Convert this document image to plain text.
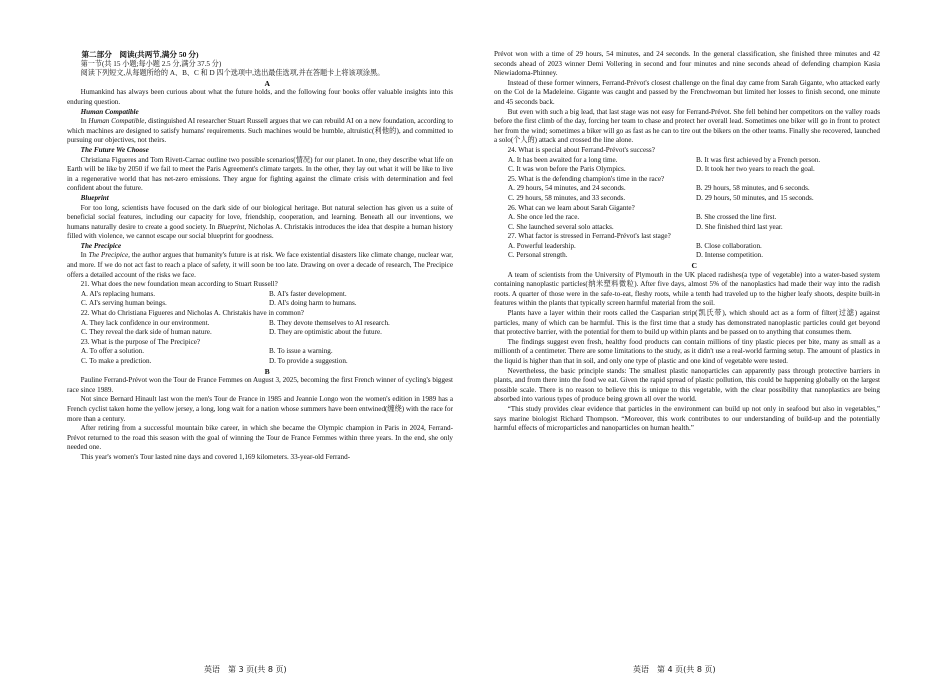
第二部分　阅读(共两节,满分 50 分)

第一节(共 15 小题;每小题 2.5 分,满分 37.5 分)

阅读下列短文,从每题所给的 A、B、C 和 D 四个选项中,选出最佳选项,并在答题卡上将该项涂黑。

A

Humankind has always been curious about what the future holds, and the following four books offer valuable insights into this enduring question.

Human Compatible

In Human Compatible, distinguished AI researcher Stuart Russell argues that we can rebuild AI on a new foundation, according to which machines are designed to satisfy humans' requirements. Such machines would be humble, altruistic(利他的), and committed to pursuing our objectives, not theirs.

The Future We Choose

Christiana Figueres and Tom Rivett-Carnac outline two possible scenarios(情况) for our planet. In one, they describe what life on Earth will be like by 2050 if we fail to meet the Paris Agreement's climate targets. In the other, they lay out what it will be like to live in a regenerative world that has net-zero emissions. They argue for fighting against the climate crisis with determination and feel confident about the future.

Blueprint

For too long, scientists have focused on the dark side of our biological heritage. But natural selection has given us a suite of beneficial social features, including our capacity for love, friendship, cooperation, and learning. Beneath all our inventions, we humans naturally desire to create a good society. In Blueprint, Nicholas A. Christakis introduces the idea that despite a human history filled with violence, we cannot escape our social blueprint for goodness.

The Precipice

In The Precipice, the author argues that humanity's future is at risk. We face existential disasters like climate change, nuclear war, and more. If we do not act fast to reach a place of safety, it will soon be too late. Drawing on over a decade of research, The Precipice offers a detailed account of the risks we face.

21. What does the new foundation mean according to Stuart Russell?

A. AI's replacing humans.	B. AI's faster development.
C. AI's serving human beings.	D. AI's doing harm to humans.

22. What do Christiana Figueres and Nicholas A. Christakis have in common?

A. They lack confidence in our environment.	B. They devote themselves to AI research.
C. They reveal the dark side of human nature.	D. They are optimistic about the future.

23. What is the purpose of The Precipice?

A. To offer a solution.	B. To issue a warning.
C. To make a prediction.	D. To provide a suggestion.

B

Pauline Ferrand-Prévot won the Tour de France Femmes on August 3, 2025, becoming the first French winner of cycling's biggest race since 1989.

Not since Bernard Hinault last won the men's Tour de France in 1985 and Jeannie Longo won the women's edition in 1989 has a French cyclist taken home the yellow jersey, a long, long wait for a nation whose summers have been entwined(缠绕) with the race for more than a century.

After retiring from a successful mountain bike career, in which she became the Olympic champion in Paris in 2024, Ferrand-Prévot returned to the road this season with the goal of winning the Tour de France Femmes within three years. In the end, she only needed one.

This year's women's Tour lasted nine days and covered 1,169 kilometers. 33-year-old Ferrand-

英语　第 3 页(共 8 页)

Prévot won with a time of 29 hours, 54 minutes, and 24 seconds. In the general classification, she finished three minutes and 42 seconds ahead of 2023 winner Demi Vollering in second and four minutes and nine seconds ahead of defending champion Kasia Niewiadoma-Phinney.

Instead of these former winners, Ferrand-Prévot's closest challenge on the final day came from Sarah Gigante, who attacked early on the Col de la Madeleine. Gigante was caught and passed by the Frenchwoman but limited her losses to finish second, one minute and 45 seconds back.

But even with such a big lead, that last stage was not easy for Ferrand-Prévot. She fell behind her competitors on the valley roads before the first climb of the day, forcing her team to chase and protect her overall lead. Sometimes one biker will go in front to protect her from the wind; sometimes a biker will go as fast as he can to tire out the bikers on the other teams. Finally she recovered, launched a solo(个人的) attack and crossed the line alone.

24. What is special about Ferrand-Prévot's success?

A. It has been awaited for a long time.	B. It was first achieved by a French person.
C. It was won before the Paris Olympics.	D. It took her two years to reach the goal.

25. What is the defending champion's time in the race?

A. 29 hours, 54 minutes, and 24 seconds.	B. 29 hours, 58 minutes, and 6 seconds.
C. 29 hours, 58 minutes, and 33 seconds.	D. 29 hours, 50 minutes, and 15 seconds.

26. What can we learn about Sarah Gigante?

A. She once led the race.	B. She crossed the line first.
C. She launched several solo attacks.	D. She finished third last year.

27. What factor is stressed in Ferrand-Prévot's last stage?

A. Powerful leadership.	B. Close collaboration.
C. Personal strength.	D. Intense competition.

C

A team of scientists from the University of Plymouth in the UK placed radishes(a type of vegetable) into a water-based system containing nanoplastic particles(纳米塑料微粒). After five days, almost 5% of the nanoplastics had made their way into the radish roots. A quarter of those were in the safe-to-eat, fleshy roots, while a tenth had traveled up to the higher leafy shoots, despite built-in features within the plants that typically screen harmful material from the soil.

Plants have a layer within their roots called the Casparian strip(凯氏带), which should act as a form of filter(过滤) against particles, many of which can be harmful. This is the first time that a study has demonstrated nanoplastic particles could get beyond that protective barrier, with the potential for them to build up within plants and be passed on to anything that consumes them.

The findings suggest even fresh, healthy food products can contain millions of tiny plastic pieces per bite, many as small as a millionth of a centimeter. There are some limitations to the study, as it didn't use a real-world farming setup. The amount of plastics in the liquid is higher than that in soil, and only one type of plastic and one kind of vegetable were tested.

Nevertheless, the basic principle stands: The smallest plastic nanoparticles can apparently pass through protective barriers in plants, and from there into the food we eat. Given the rapid spread of plastic pollution, this could be happening globally on the largest possible scale. There is no reason to believe this is unique to this vegetable, with the clear possibility that nanoplastics are being absorbed into various types of produce being grown all over the world.

“This study provides clear evidence that particles in the environment can build up not only in seafood but also in vegetables,” says marine biologist Richard Thompson. “Moreover, this work contributes to our understanding of build-up and the potentially harmful effects of microparticles and nanoparticles on human health.”

英语　第 4 页(共 8 页)
